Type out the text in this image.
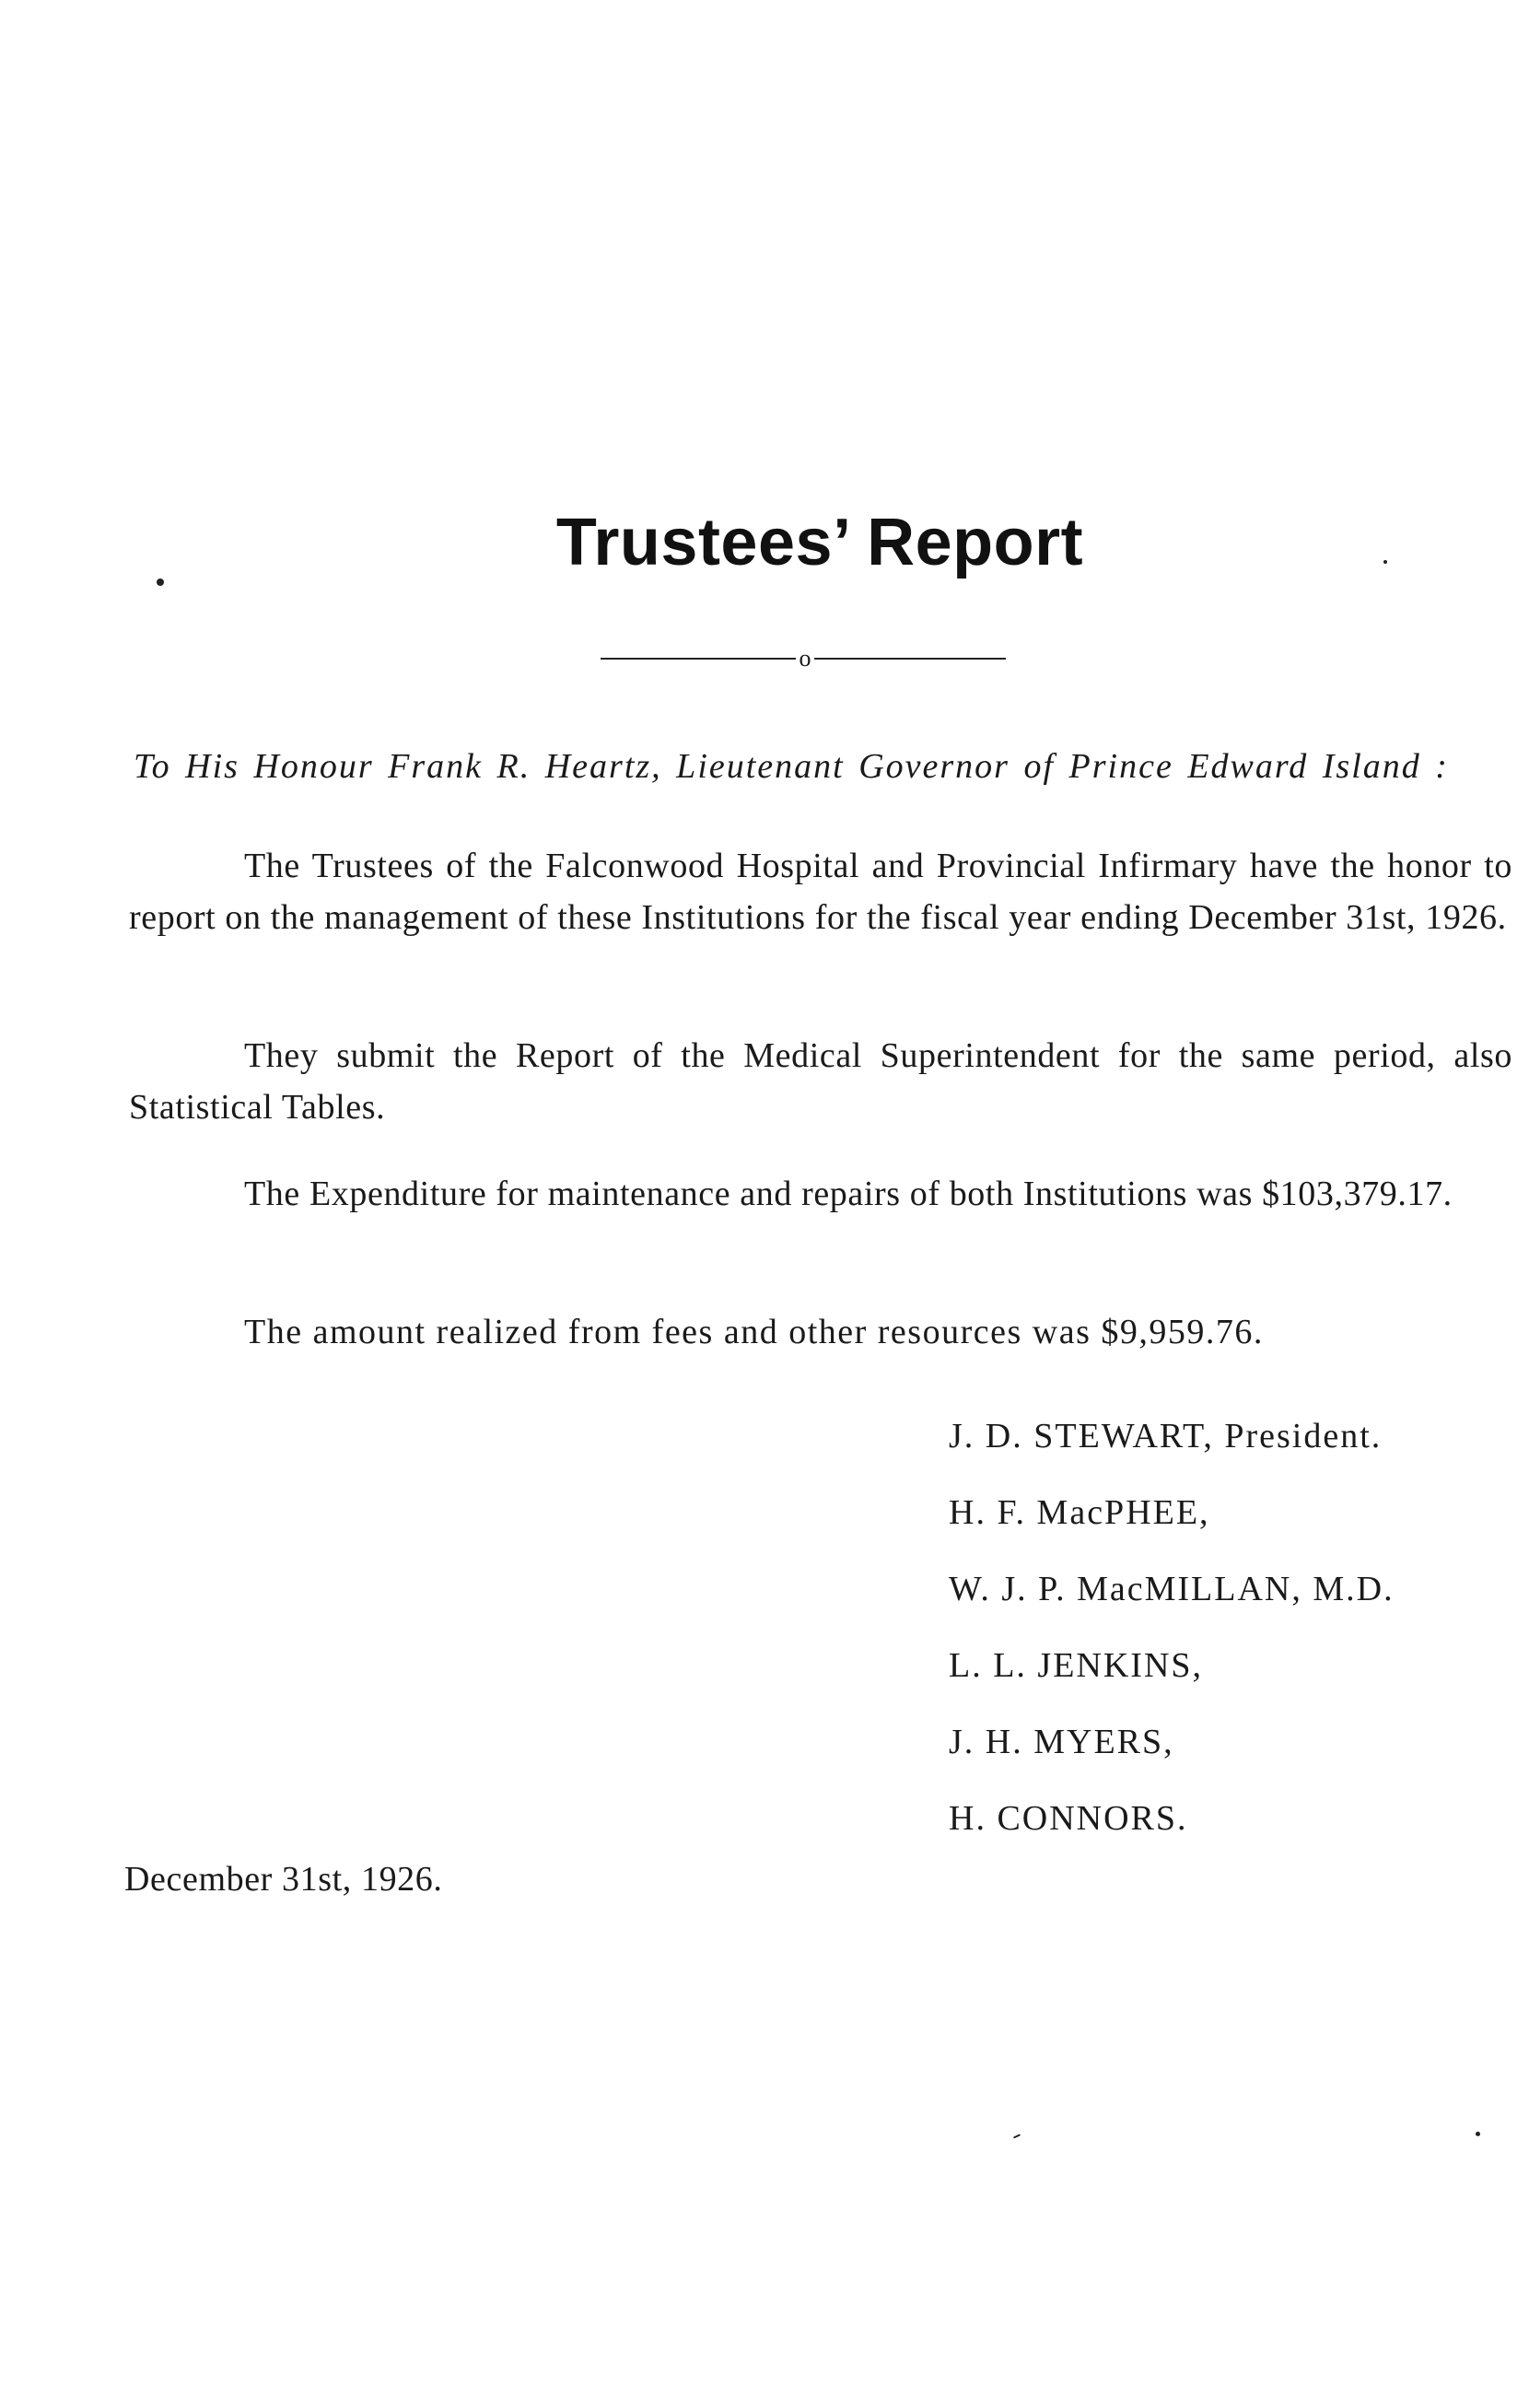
Trustees’ Report
o
To His Honour Frank R. Heartz, Lieutenant Governor of Prince Edward Island :
The Trustees of the Falconwood Hospital and Provincial Infirmary have the honor to report on the management of these Institutions for the fiscal year ending December 31st, 1926.
They submit the Report of the Medical Superintendent for the same period, also Statistical Tables.
The Expenditure for maintenance and repairs of both Institutions was $103,379.17.
The amount realized from fees and other resources was $9,959.76.
J. D. STEWART, President.
H. F. MacPHEE,
W. J. P. MacMILLAN, M.D.
L. L. JENKINS,
J. H. MYERS,
H. CONNORS.
December 31st, 1926.
